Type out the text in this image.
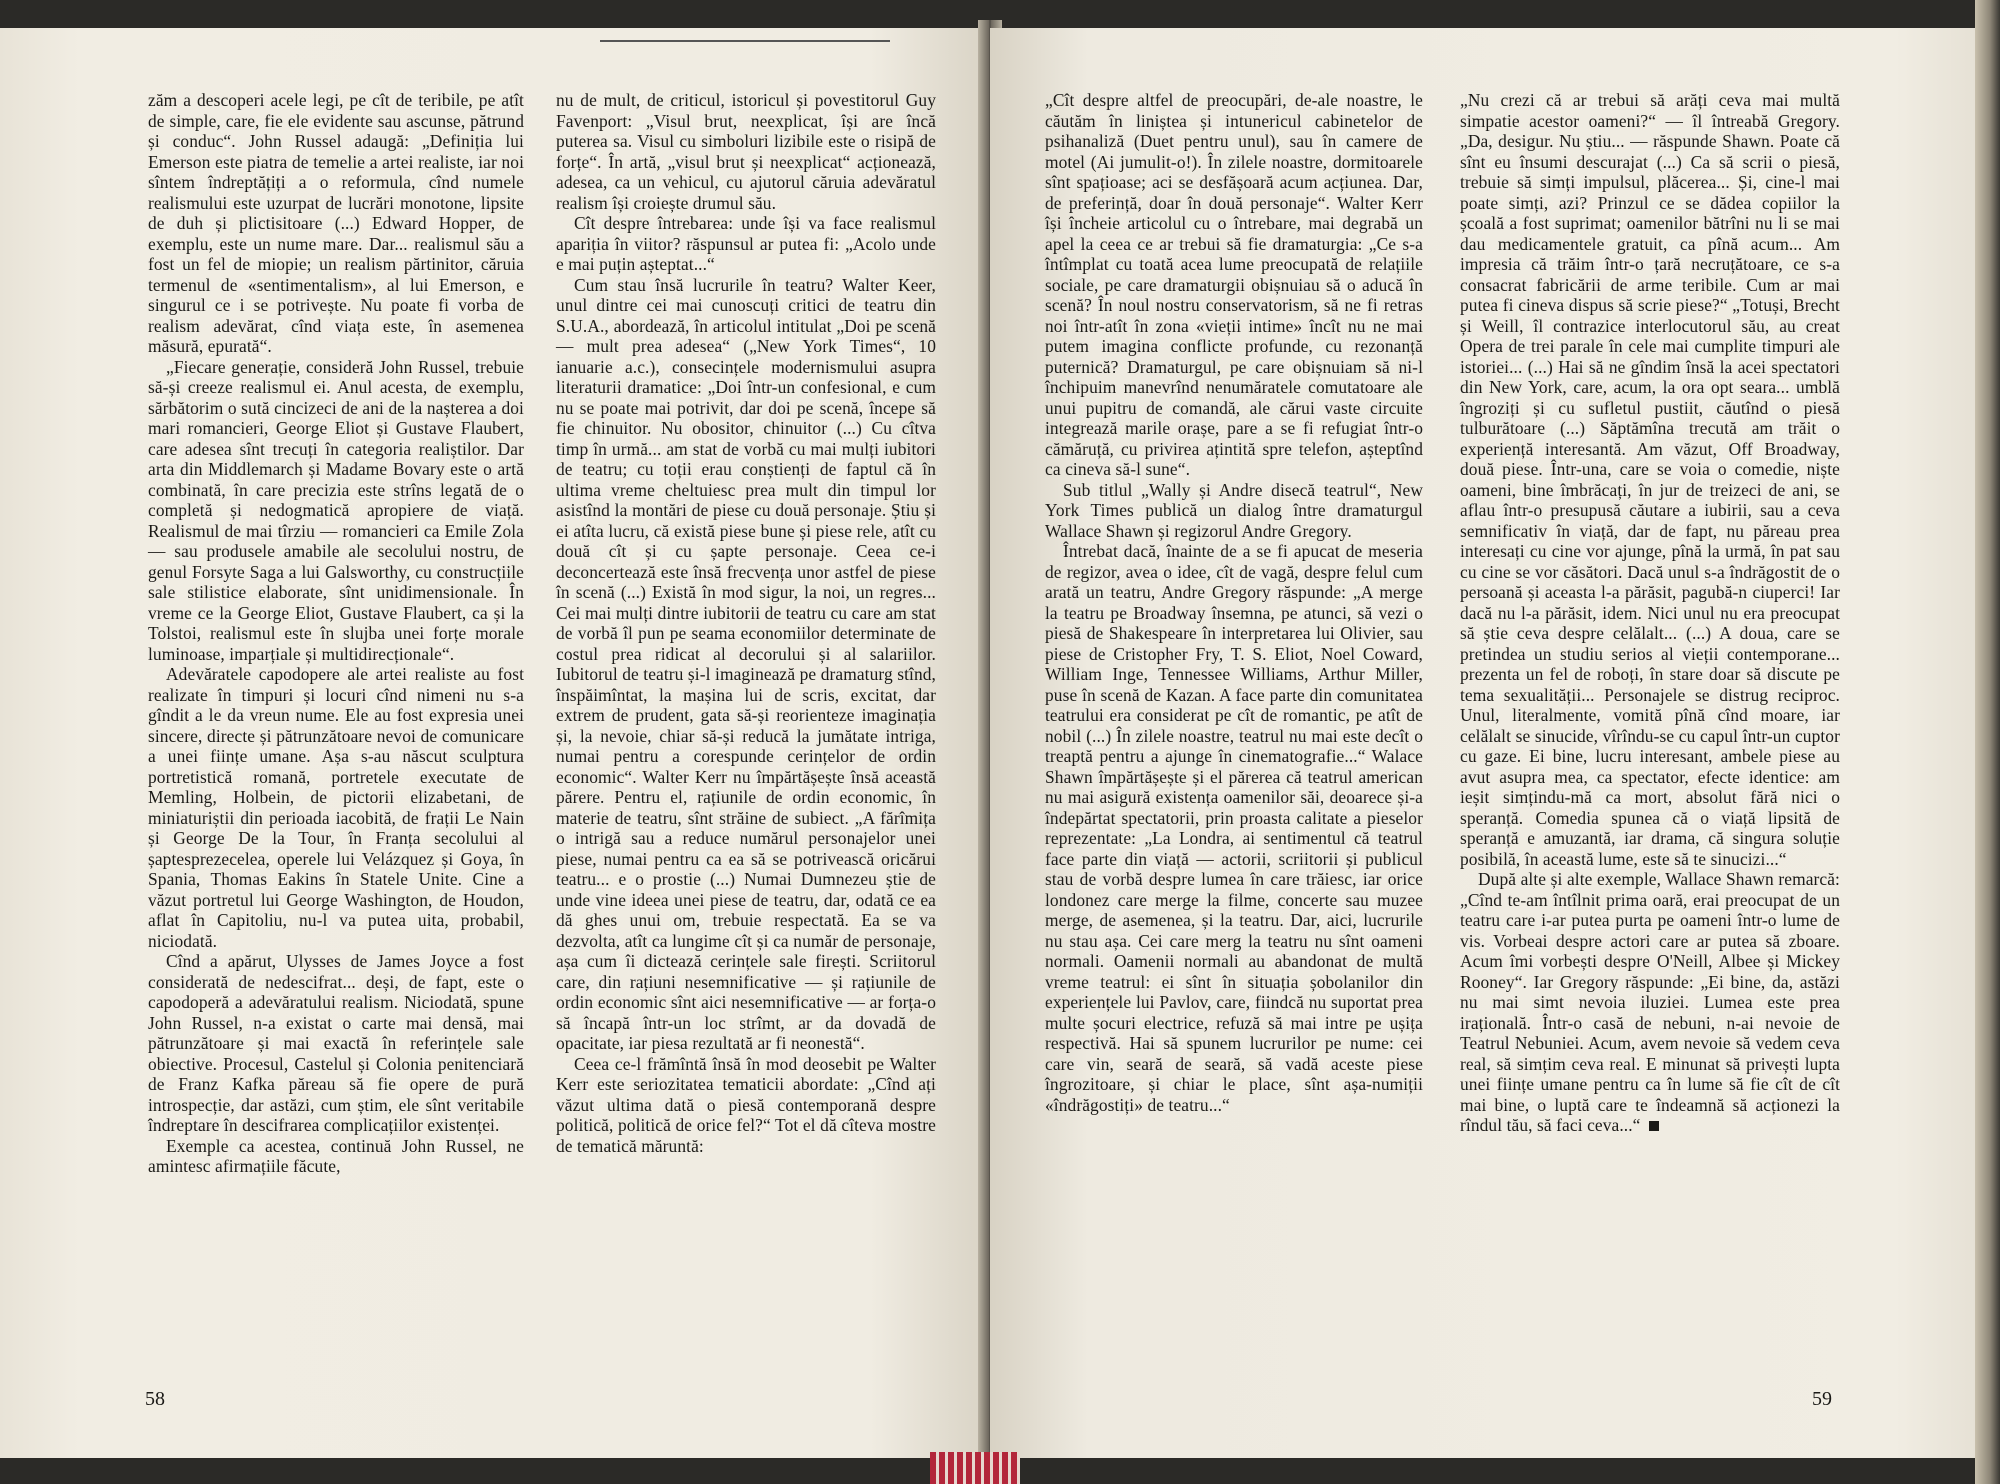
zăm a descoperi acele legi, pe cît de teribile, pe atît de simple, care, fie ele evidente sau ascunse, pătrund și conduc“. John Russel adaugă: „Definiția lui Emerson este piatra de temelie a artei realiste, iar noi sîntem îndreptățiți a o reformula, cînd numele realismului este uzurpat de lucrări monotone, lipsite de duh și plictisitoare (...) Edward Hopper, de exemplu, este un nume mare. Dar... realismul său a fost un fel de miopie; un realism părtinitor, căruia termenul de «sentimentalism», al lui Emerson, e singurul ce i se potrivește. Nu poate fi vorba de realism adevărat, cînd viața este, în asemenea măsură, epurată“.

„Fiecare generație, consideră John Russel, trebuie să-și creeze realismul ei. Anul acesta, de exemplu, sărbătorim o sută cincizeci de ani de la nașterea a doi mari romancieri, George Eliot și Gustave Flaubert, care adesea sînt trecuți în categoria realiștilor. Dar arta din Middlemarch și Madame Bovary este o artă combinată, în care precizia este strîns legată de o completă și nedogmatică apropiere de viață. Realismul de mai tîrziu — romancieri ca Emile Zola — sau produsele amabile ale secolului nostru, de genul Forsyte Saga a lui Galsworthy, cu construcțiile sale stilistice elaborate, sînt unidimensionale. În vreme ce la George Eliot, Gustave Flaubert, ca și la Tolstoi, realismul este în slujba unei forțe morale luminoase, imparțiale și multidirecționale“.

Adevăratele capodopere ale artei realiste au fost realizate în timpuri și locuri cînd nimeni nu s-a gîndit a le da vreun nume. Ele au fost expresia unei sincere, directe și pătrunzătoare nevoi de comunicare a unei ființe umane. Așa s-au născut sculptura portretistică romană, portretele executate de Memling, Holbein, de pictorii elizabetani, de miniaturiștii din perioada iacobită, de frații Le Nain și George De la Tour, în Franța secolului al șaptesprezecelea, operele lui Velázquez și Goya, în Spania, Thomas Eakins în Statele Unite. Cine a văzut portretul lui George Washington, de Houdon, aflat în Capitoliu, nu-l va putea uita, probabil, niciodată.

Cînd a apărut, Ulysses de James Joyce a fost considerată de nedescifrat... deși, de fapt, este o capodoperă a adevăratului realism. Niciodată, spune John Russel, n-a existat o carte mai densă, mai pătrunzătoare și mai exactă în referințele sale obiective. Procesul, Castelul și Colonia penitenciară de Franz Kafka păreau să fie opere de pură introspecție, dar astăzi, cum știm, ele sînt veritabile îndreptare în descifrarea complicațiilor existenței.

Exemple ca acestea, continuă John Russel, ne amintesc afirmațiile făcute,

nu de mult, de criticul, istoricul și povestitorul Guy Favenport: „Visul brut, neexplicat, își are încă puterea sa. Visul cu simboluri lizibile este o risipă de forțe“. În artă, „visul brut și neexplicat“ acționează, adesea, ca un vehicul, cu ajutorul căruia adevăratul realism își croiește drumul său.

Cît despre întrebarea: unde își va face realismul apariția în viitor? răspunsul ar putea fi: „Acolo unde e mai puțin așteptat...“

Cum stau însă lucrurile în teatru? Walter Keer, unul dintre cei mai cunoscuți critici de teatru din S.U.A., abordează, în articolul intitulat „Doi pe scenă — mult prea adesea“ („New York Times“, 10 ianuarie a.c.), consecințele modernismului asupra literaturii dramatice: „Doi într-un confesional, e cum nu se poate mai potrivit, dar doi pe scenă, începe să fie chinuitor. Nu obositor, chinuitor (...) Cu cîtva timp în urmă... am stat de vorbă cu mai mulți iubitori de teatru; cu toții erau conștienți de faptul că în ultima vreme cheltuiesc prea mult din timpul lor asistînd la montări de piese cu două personaje. Știu și ei atîta lucru, că există piese bune și piese rele, atît cu două cît și cu șapte personaje. Ceea ce-i deconcertează este însă frecvența unor astfel de piese în scenă (...) Există în mod sigur, la noi, un regres... Cei mai mulți dintre iubitorii de teatru cu care am stat de vorbă îl pun pe seama economiilor determinate de costul prea ridicat al decorului și al salariilor. Iubitorul de teatru și-l imaginează pe dramaturg stînd, înspăimîntat, la mașina lui de scris, excitat, dar extrem de prudent, gata să-și reorienteze imaginația și, la nevoie, chiar să-și reducă la jumătate intriga, numai pentru a corespunde cerințelor de ordin economic“. Walter Kerr nu împărtășește însă această părere. Pentru el, rațiunile de ordin economic, în materie de teatru, sînt străine de subiect. „A fărîmița o intrigă sau a reduce numărul personajelor unei piese, numai pentru ca ea să se potrivească oricărui teatru... e o prostie (...) Numai Dumnezeu știe de unde vine ideea unei piese de teatru, dar, odată ce ea dă ghes unui om, trebuie respectată. Ea se va dezvolta, atît ca lungime cît și ca număr de personaje, așa cum îi dictează cerințele sale firești. Scriitorul care, din rațiuni nesemnificative — și rațiunile de ordin economic sînt aici nesemnificative — ar forța-o să încapă într-un loc strîmt, ar da dovadă de opacitate, iar piesa rezultată ar fi neonestă“.

Ceea ce-l frămîntă însă în mod deosebit pe Walter Kerr este seriozitatea tematicii abordate: „Cînd ați văzut ultima dată o piesă contemporană despre politică, politică de orice fel?“ Tot el dă cîteva mostre de tematică măruntă:

58

„Cît despre altfel de preocupări, de-ale noastre, le căutăm în liniștea și intunericul cabinetelor de psihanaliză (Duet pentru unul), sau în camere de motel (Ai jumulit-o!). În zilele noastre, dormitoarele sînt spațioase; aci se desfășoară acum acțiunea. Dar, de preferință, doar în două personaje“. Walter Kerr își încheie articolul cu o întrebare, mai degrabă un apel la ceea ce ar trebui să fie dramaturgia: „Ce s-a întîmplat cu toată acea lume preocupată de relațiile sociale, pe care dramaturgii obișnuiau să o aducă în scenă? În noul nostru conservatorism, să ne fi retras noi într-atît în zona «vieții intime» încît nu ne mai putem imagina conflicte profunde, cu rezonanță puternică? Dramaturgul, pe care obișnuiam să ni-l închipuim manevrînd nenumăratele comutatoare ale unui pupitru de comandă, ale cărui vaste circuite integrează marile orașe, pare a se fi refugiat într-o cămăruță, cu privirea ațintită spre telefon, așteptînd ca cineva să-l sune“.

Sub titlul „Wally și Andre disecă teatrul“, New York Times publică un dialog între dramaturgul Wallace Shawn și regizorul Andre Gregory.

Întrebat dacă, înainte de a se fi apucat de meseria de regizor, avea o idee, cît de vagă, despre felul cum arată un teatru, Andre Gregory răspunde: „A merge la teatru pe Broadway însemna, pe atunci, să vezi o piesă de Shakespeare în interpretarea lui Olivier, sau piese de Cristopher Fry, T. S. Eliot, Noel Coward, William Inge, Tennessee Williams, Arthur Miller, puse în scenă de Kazan. A face parte din comunitatea teatrului era considerat pe cît de romantic, pe atît de nobil (...) În zilele noastre, teatrul nu mai este decît o treaptă pentru a ajunge în cinematografie...“ Walace Shawn împărtășește și el părerea că teatrul american nu mai asigură existența oamenilor săi, deoarece și-a îndepărtat spectatorii, prin proasta calitate a pieselor reprezentate: „La Londra, ai sentimentul că teatrul face parte din viață — actorii, scriitorii și publicul stau de vorbă despre lumea în care trăiesc, iar orice londonez care merge la filme, concerte sau muzee merge, de asemenea, și la teatru. Dar, aici, lucrurile nu stau așa. Cei care merg la teatru nu sînt oameni normali. Oamenii normali au abandonat de multă vreme teatrul: ei sînt în situația șobolanilor din experiențele lui Pavlov, care, fiindcă nu suportat prea multe șocuri electrice, refuză să mai intre pe ușița respectivă. Hai să spunem lucrurilor pe nume: cei care vin, seară de seară, să vadă aceste piese îngrozitoare, și chiar le place, sînt așa-numiții «îndrăgostiți» de teatru...“

„Nu crezi că ar trebui să arăți ceva mai multă simpatie acestor oameni?“ — îl întreabă Gregory. „Da, desigur. Nu știu... — răspunde Shawn. Poate că sînt eu însumi descurajat (...) Ca să scrii o piesă, trebuie să simți impulsul, plăcerea... Și, cine-l mai poate simți, azi? Prinzul ce se dădea copiilor la școală a fost suprimat; oamenilor bătrîni nu li se mai dau medicamentele gratuit, ca pînă acum... Am impresia că trăim într-o țară necruțătoare, ce s-a consacrat fabricării de arme teribile. Cum ar mai putea fi cineva dispus să scrie piese?“ „Totuși, Brecht și Weill, îl contrazice interlocutorul său, au creat Opera de trei parale în cele mai cumplite timpuri ale istoriei... (...) Hai să ne gîndim însă la acei spectatori din New York, care, acum, la ora opt seara... umblă îngroziți și cu sufletul pustiit, căutînd o piesă tulburătoare (...) Săptămîna trecută am trăit o experiență interesantă. Am văzut, Off Broadway, două piese. Într-una, care se voia o comedie, niște oameni, bine îmbrăcați, în jur de treizeci de ani, se aflau într-o presupusă căutare a iubirii, sau a ceva semnificativ în viață, dar de fapt, nu păreau prea interesați cu cine vor ajunge, pînă la urmă, în pat sau cu cine se vor căsători. Dacă unul s-a îndrăgostit de o persoană și aceasta l-a părăsit, pagubă-n ciuperci! Iar dacă nu l-a părăsit, idem. Nici unul nu era preocupat să știe ceva despre celălalt... (...) A doua, care se pretindea un studiu serios al vieții contemporane... prezenta un fel de roboți, în stare doar să discute pe tema sexualității... Personajele se distrug reciproc. Unul, literalmente, vomită pînă cînd moare, iar celălalt se sinucide, vîrîndu-se cu capul într-un cuptor cu gaze. Ei bine, lucru interesant, ambele piese au avut asupra mea, ca spectator, efecte identice: am ieșit simțindu-mă ca mort, absolut fără nici o speranță. Comedia spunea că o viață lipsită de speranță e amuzantă, iar drama, că singura soluție posibilă, în această lume, este să te sinucizi...“

După alte și alte exemple, Wallace Shawn remarcă: „Cînd te-am întîlnit prima oară, erai preocupat de un teatru care i-ar putea purta pe oameni într-o lume de vis. Vorbeai despre actori care ar putea să zboare. Acum îmi vorbești despre O'Neill, Albee și Mickey Rooney“. Iar Gregory răspunde: „Ei bine, da, astăzi nu mai simt nevoia iluziei. Lumea este prea irațională. Într-o casă de nebuni, n-ai nevoie de Teatrul Nebuniei. Acum, avem nevoie să vedem ceva real, să simțim ceva real. E minunat să privești lupta unei ființe umane pentru ca în lume să fie cît de cît mai bine, o luptă care te îndeamnă să acționezi la rîndul tău, să faci ceva...“

59
